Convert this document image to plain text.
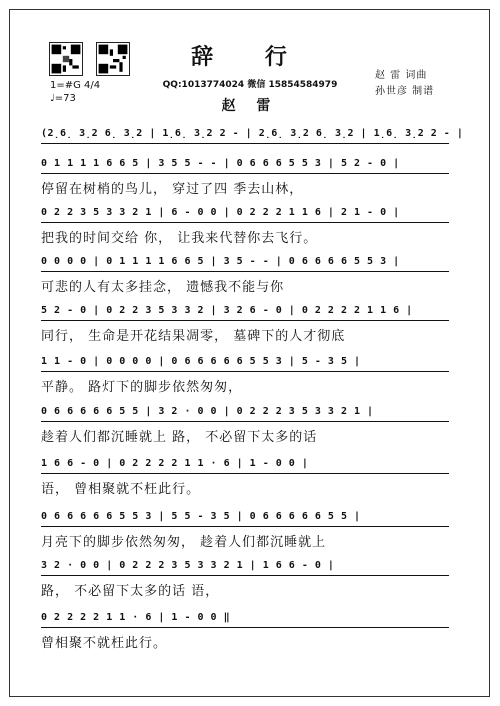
辞 行
QQ:1013774024 微信 15854584979
赵 雷 词曲
孙世彦 制谱
1=#G 4/4
♩=73	赵 雷
(2̣6̣ 3̣2 6̣ 3̣2 | 1̣6̣ 3̣2 2 - | 2̣6̣ 3̣2 6̣ 3̣2 | 1̣6̣ 3̣2 2 - |
0 1 1 1 1 6 6 5 | 3 5 5 - - | 0 6 6 6 5 5 3 | 5 2 - 0 |
停留在树梢的鸟儿， 穿过了四 季去山林，
0 2 2 3 5 3 3 2 1 | 6 - 0 0 | 0 2 2 2 1 1 6 | 2 1 - 0 |
把我的时间交给 你， 让我来代替你去飞行。
0 0 0 0 | 0 1 1 1 1 6 6 5 | 3 5 - - | 0 6 6 6 6 5 5 3 |
可悲的人有太多挂念， 遗憾我不能与你
5 2 - 0 | 0 2 2 3 5 3 3 2 | 3 2 6 - 0 | 0 2 2 2 2 1 1 6 |
同行， 生命是开花结果凋零， 墓碑下的人才彻底
1 1 - 0 | 0 0 0 0 | 0 6 6 6 6 6 5 5 3 | 5 - 3 5 |
平静。 路灯下的脚步依然匆匆，
0 6 6 6 6 6 5 5 | 3 2 · 0 0 | 0 2 2 2 3 5 3 3 2 1 |
趁着人们都沉睡就上 路， 不必留下太多的话
1 6 6 - 0 | 0 2 2 2 2 1 1 · 6 | 1 - 0 0 |
语， 曾相聚就不枉此行。
0 6 6 6 6 6 5 5 3 | 5 5 - 3 5 | 0 6 6 6 6 6 5 5 |
月亮下的脚步依然匆匆， 趁着人们都沉睡就上
3 2 · 0 0 | 0 2 2 2 3 5 3 3 2 1 | 1 6 6 - 0 |
路， 不必留下太多的话 语，
0 2 2 2 2 1 1 · 6 | 1 - 0 0 ‖
曾相聚不就枉此行。
